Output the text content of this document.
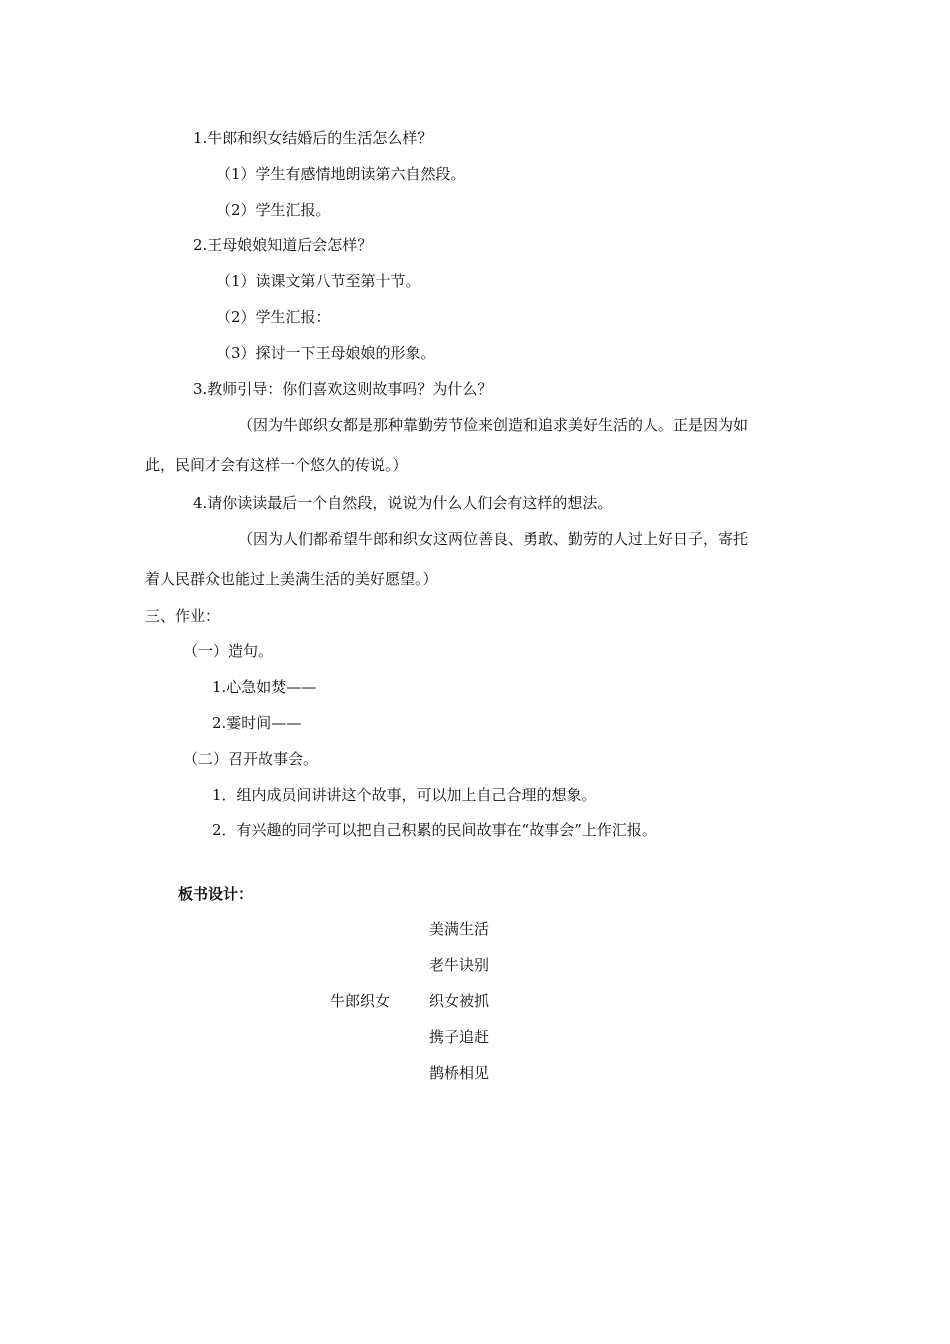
1.牛郎和织女结婚后的生活怎么样？
（1）学生有感情地朗读第六自然段。
（2）学生汇报。
2.王母娘娘知道后会怎样？
（1）读课文第八节至第十节。
（2）学生汇报：
（3）探讨一下王母娘娘的形象。
3.教师引导：你们喜欢这则故事吗？为什么？
（因为牛郎织女都是那种靠勤劳节俭来创造和追求美好生活的人。正是因为如
此，民间才会有这样一个悠久的传说。）
4.请你读读最后一个自然段，说说为什么人们会有这样的想法。
（因为人们都希望牛郎和织女这两位善良、勇敢、勤劳的人过上好日子，寄托
着人民群众也能过上美满生活的美好愿望。）
三、作业：
（一）造句。
1.心急如焚——
2.霎时间——
（二）召开故事会。
1．组内成员间讲讲这个故事，可以加上自己合理的想象。
2．有兴趣的同学可以把自己积累的民间故事在“故事会”上作汇报。
板书设计：
牛郎织女
美满生活
老牛诀别
织女被抓
携子追赶
鹊桥相见
